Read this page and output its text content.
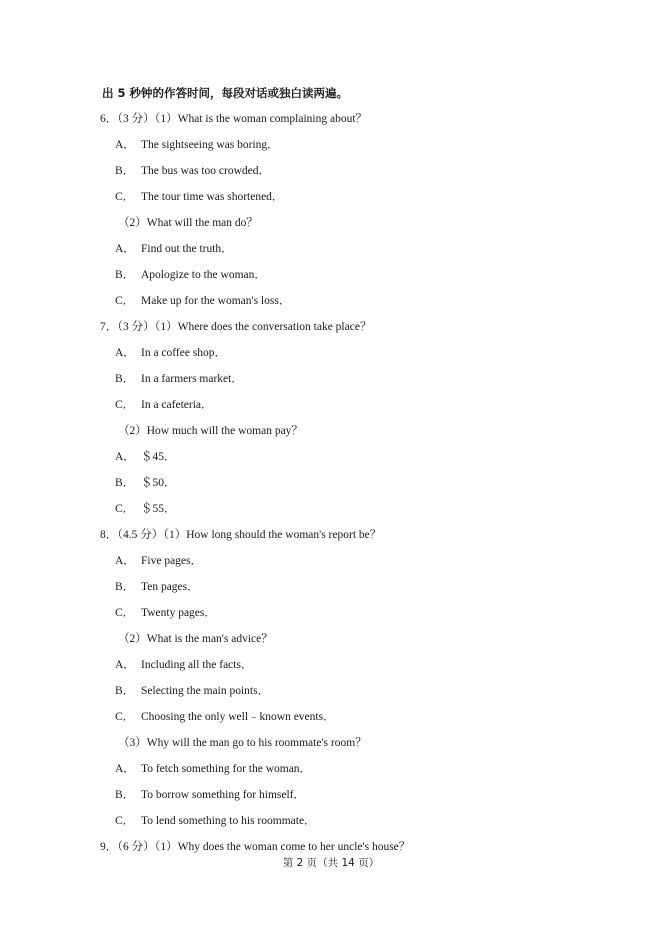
出 5 秒钟的作答时间，每段对话或独白读两遍。
6．（3 分）（1）What is the woman complaining about？
A． The sightseeing was boring．
B． The bus was too crowded．
C． The tour time was shortened．
（2）What will the man do？
A． Find out the truth．
B． Apologize to the woman．
C． Make up for the woman's loss．
7．（3 分）（1）Where does the conversation take place？
A． In a coffee shop．
B． In a farmers market．
C． In a cafeteria．
（2）How much will the woman pay？
A． ＄45．
B． ＄50．
C． ＄55．
8．（4.5 分）（1）How long should the woman's report be？
A． Five pages．
B． Ten pages．
C． Twenty pages．
（2）What is the man's advice？
A． Including all the facts．
B． Selecting the main points．
C． Choosing the only well﹣known events．
（3）Why will the man go to his roommate's room？
A． To fetch something for the woman．
B． To borrow something for himself．
C． To lend something to his roommate．
9．（6 分）（1）Why does the woman come to her uncle's house？
第 2 页（共 14 页）
